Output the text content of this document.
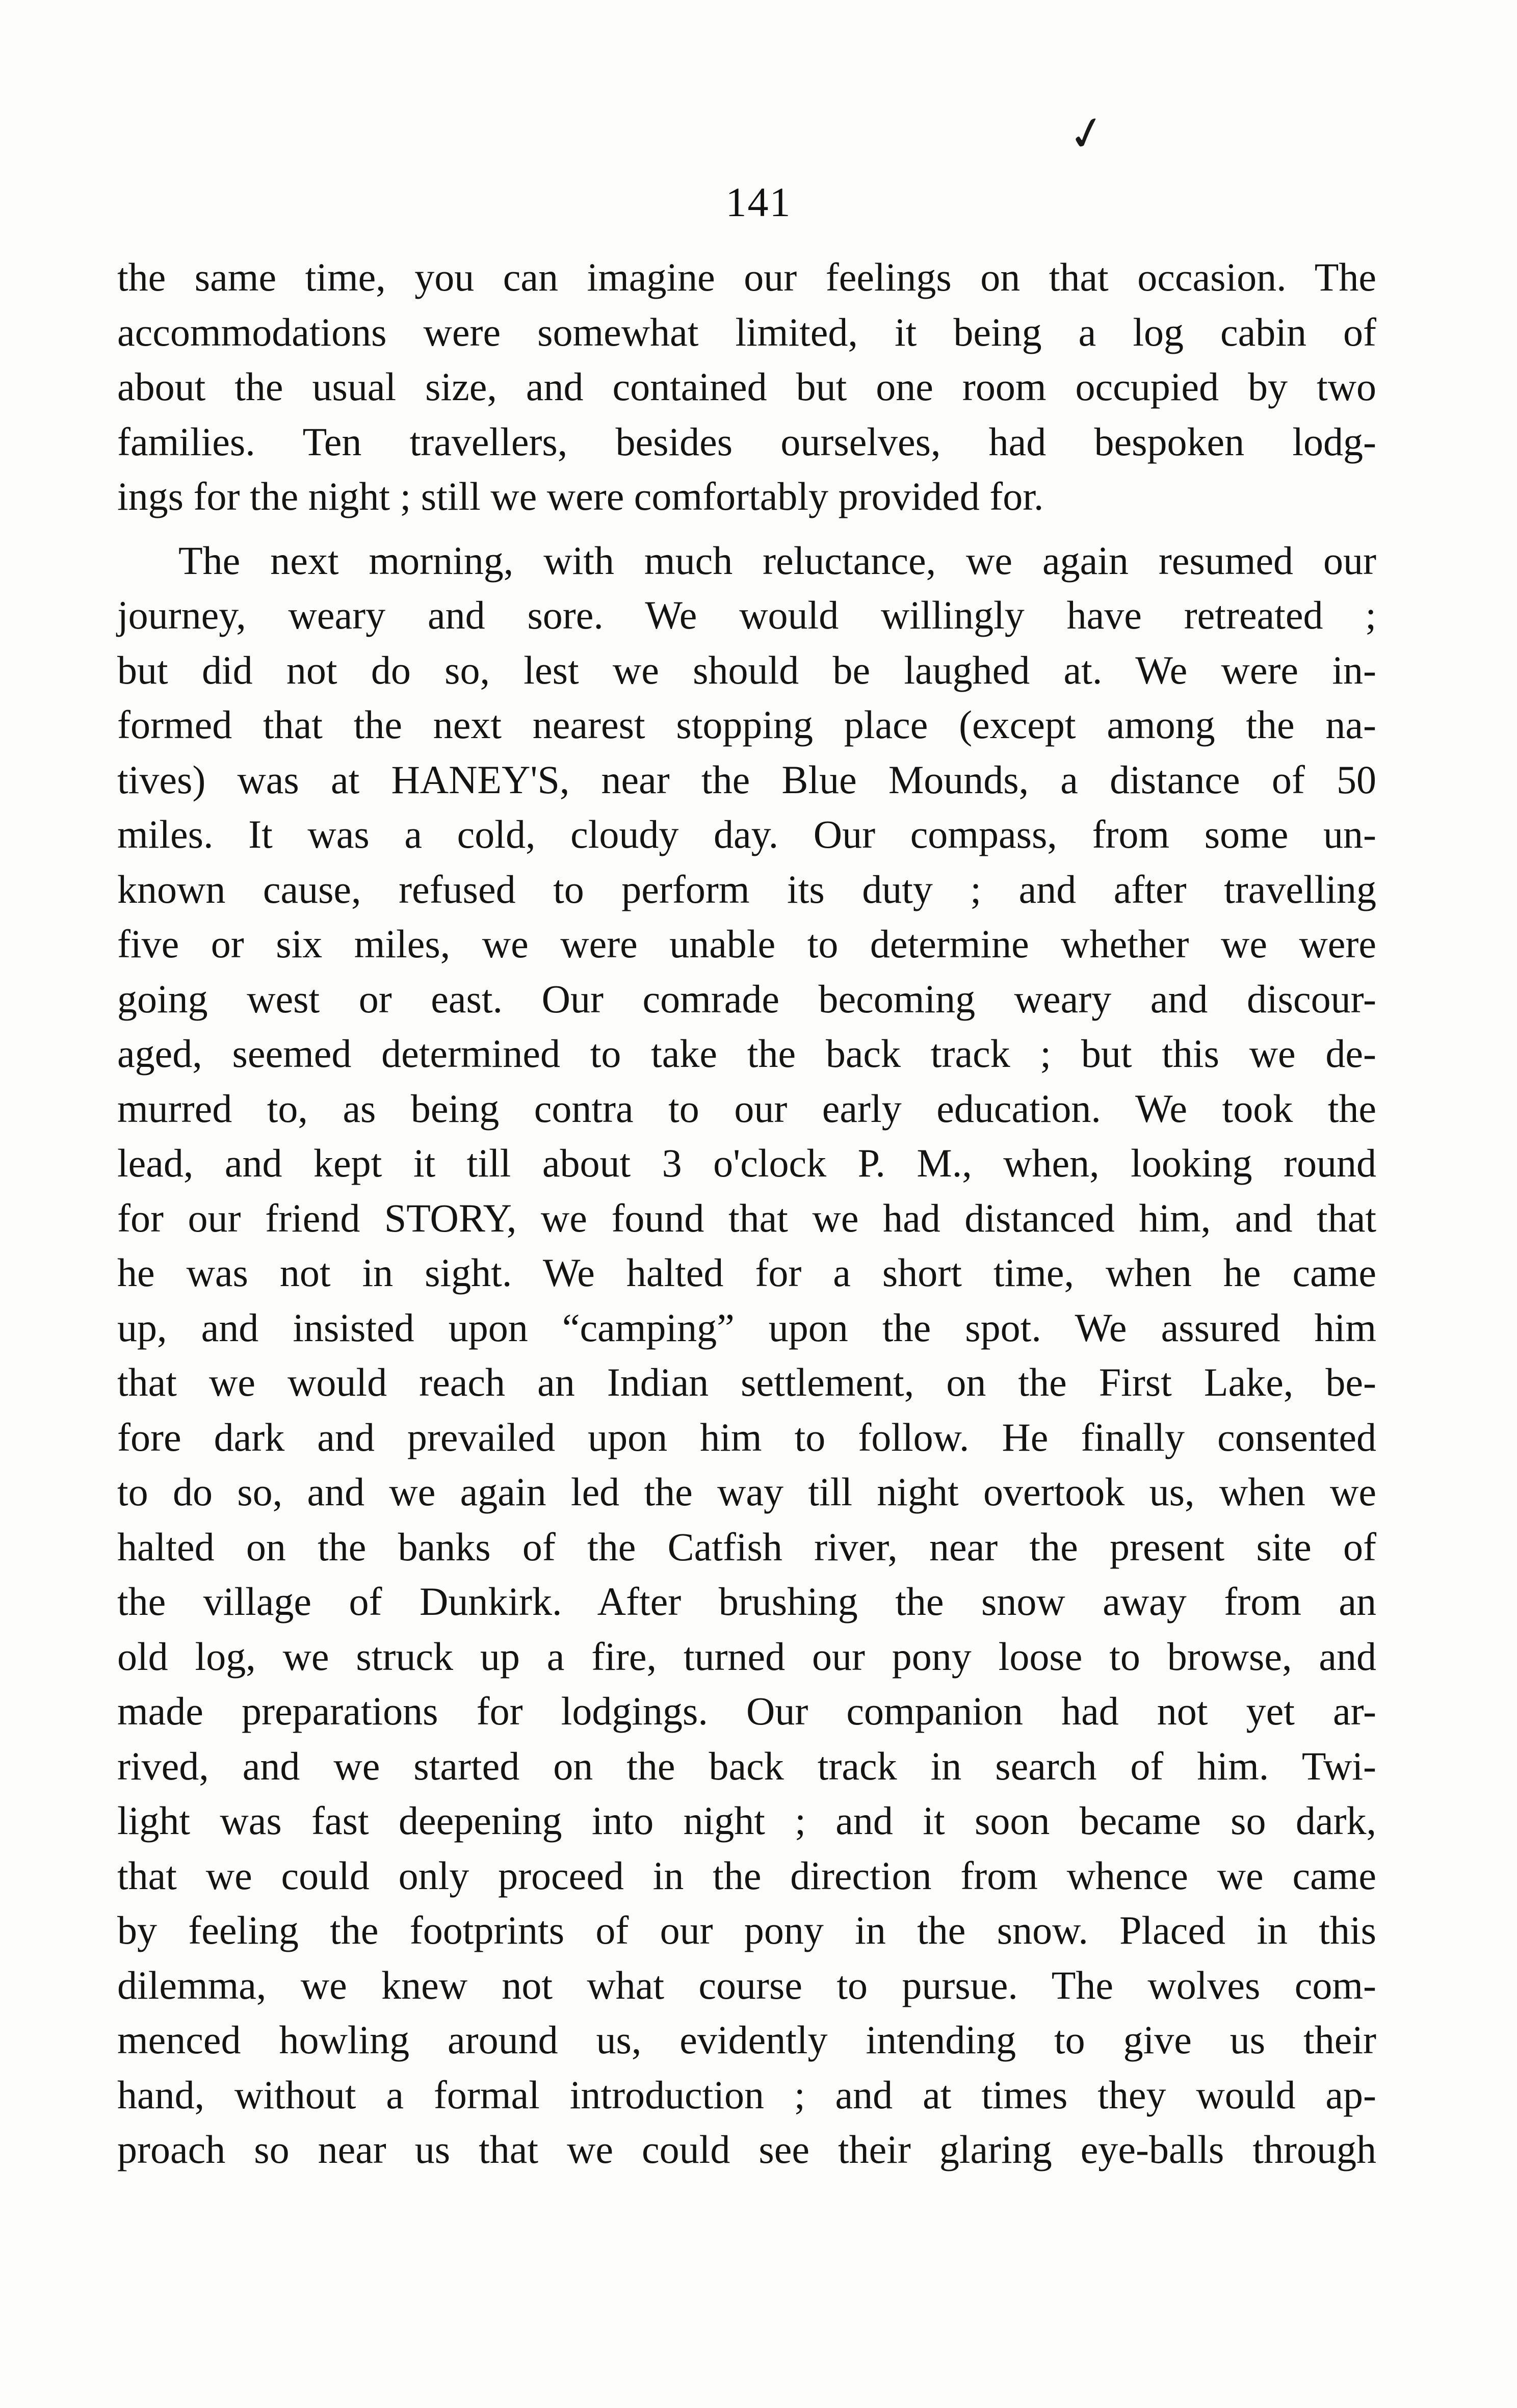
✓
141
the same time, you can imagine our feelings on that occasion. The
accommodations were somewhat limited, it being a log cabin of
about the usual size, and contained but one room occupied by two
families. Ten travellers, besides ourselves, had bespoken lodg-
ings for the night ; still we were comfortably provided for.
The next morning, with much reluctance, we again resumed our
journey, weary and sore. We would willingly have retreated ;
but did not do so, lest we should be laughed at. We were in-
formed that the next nearest stopping place (except among the na-
tives) was at HANEY'S, near the Blue Mounds, a distance of 50
miles. It was a cold, cloudy day. Our compass, from some un-
known cause, refused to perform its duty ; and after travelling
five or six miles, we were unable to determine whether we were
going west or east. Our comrade becoming weary and discour-
aged, seemed determined to take the back track ; but this we de-
murred to, as being contra to our early education. We took the
lead, and kept it till about 3 o'clock P. M., when, looking round
for our friend STORY, we found that we had distanced him, and that
he was not in sight. We halted for a short time, when he came
up, and insisted upon “camping” upon the spot. We assured him
that we would reach an Indian settlement, on the First Lake, be-
fore dark and prevailed upon him to follow. He finally consented
to do so, and we again led the way till night overtook us, when we
halted on the banks of the Catfish river, near the present site of
the village of Dunkirk. After brushing the snow away from an
old log, we struck up a fire, turned our pony loose to browse, and
made preparations for lodgings. Our companion had not yet ar-
rived, and we started on the back track in search of him. Twi-
light was fast deepening into night ; and it soon became so dark,
that we could only proceed in the direction from whence we came
by feeling the footprints of our pony in the snow. Placed in this
dilemma, we knew not what course to pursue. The wolves com-
menced howling around us, evidently intending to give us their
hand, without a formal introduction ; and at times they would ap-
proach so near us that we could see their glaring eye-balls through
